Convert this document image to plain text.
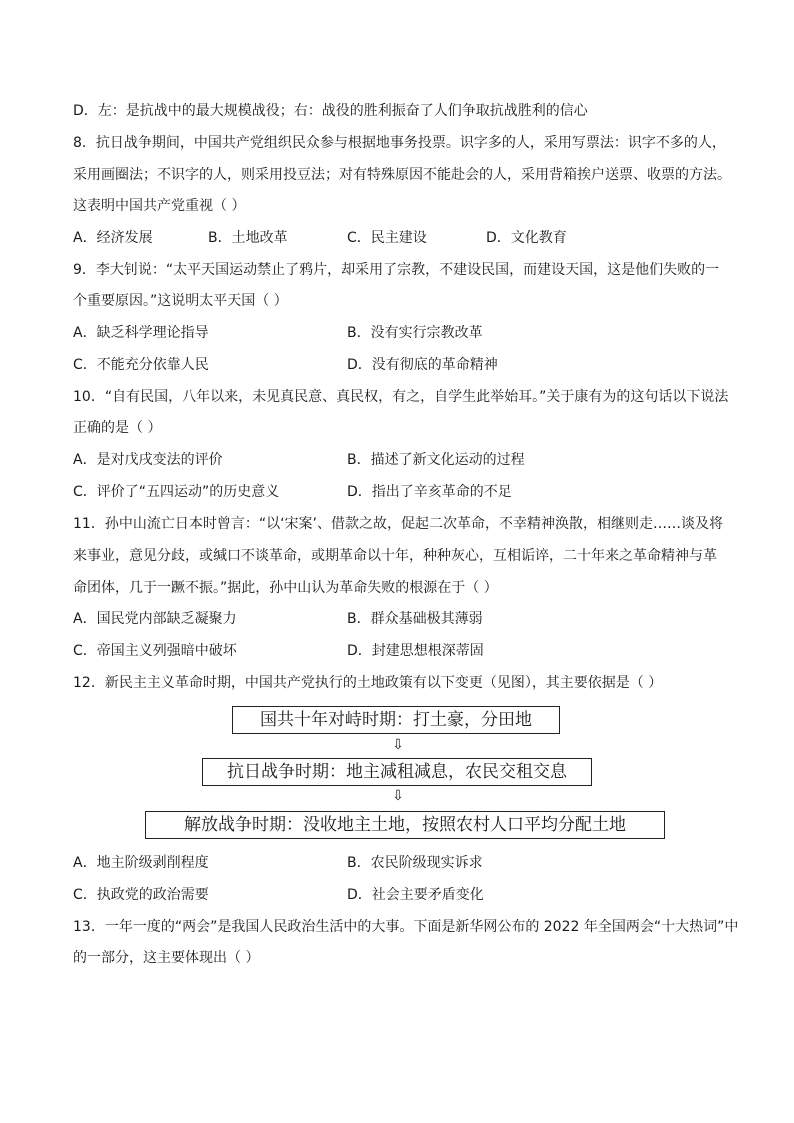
D．左：是抗战中的最大规模战役；右：战役的胜利振奋了人们争取抗战胜利的信心
8．抗日战争期间，中国共产党组织民众参与根据地事务投票。识字多的人，采用写票法：识字不多的人，
采用画圈法；不识字的人，则采用投豆法；对有特殊原因不能赴会的人，采用背箱挨户送票、收票的方法。
这表明中国共产党重视（ ）
A．经济发展	B．土地改革	C．民主建设	D．文化教育
9．李大钊说：“太平天国运动禁止了鸦片，却采用了宗教，不建设民国，而建设天国，这是他们失败的一
个重要原因。”这说明太平天国（ ）
A．缺乏科学理论指导	B．没有实行宗教改革
C．不能充分依靠人民	D．没有彻底的革命精神
10．“自有民国，八年以来，未见真民意、真民权，有之，自学生此举始耳。”关于康有为的这句话以下说法
正确的是（ ）
A．是对戊戌变法的评价	B．描述了新文化运动的过程
C．评价了“五四运动”的历史意义	D．指出了辛亥革命的不足
11．孙中山流亡日本时曾言：“以‘宋案’、借款之故，促起二次革命，不幸精神涣散，相继则走……谈及将
来事业，意见分歧，或缄口不谈革命，或期革命以十年，种种灰心，互相诟谇，二十年来之革命精神与革
命团体，几于一蹶不振。”据此，孙中山认为革命失败的根源在于（ ）
A．国民党内部缺乏凝聚力	B．群众基础极其薄弱
C．帝国主义列强暗中破坏	D．封建思想根深蒂固
12．新民主主义革命时期，中国共产党执行的土地政策有以下变更（见图），其主要依据是（ ）
国共十年对峙时期：打土豪，分田地
⇩
抗日战争时期：地主减租减息，农民交租交息
⇩
解放战争时期：没收地主土地，按照农村人口平均分配土地
A．地主阶级剥削程度	B．农民阶级现实诉求
C．执政党的政治需要	D．社会主要矛盾变化
13．一年一度的“两会”是我国人民政治生活中的大事。下面是新华网公布的 2022 年全国两会“十大热词”中
的一部分，这主要体现出（ ）
